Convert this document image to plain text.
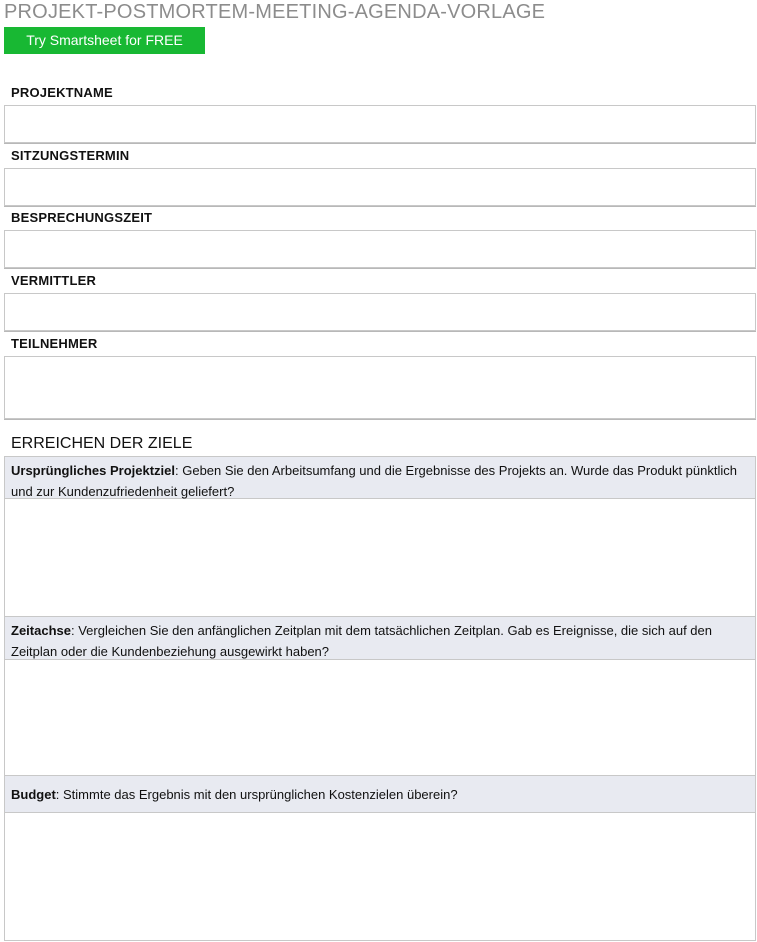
PROJEKT-POSTMORTEM-MEETING-AGENDA-VORLAGE
Try Smartsheet for FREE
PROJEKTNAME
SITZUNGSTERMIN
BESPRECHUNGSZEIT
VERMITTLER
TEILNEHMER
ERREICHEN DER ZIELE
Ursprüngliches Projektziel: Geben Sie den Arbeitsumfang und die Ergebnisse des Projekts an. Wurde das Produkt pünktlich und zur Kundenzufriedenheit geliefert?
Zeitachse: Vergleichen Sie den anfänglichen Zeitplan mit dem tatsächlichen Zeitplan. Gab es Ereignisse, die sich auf den Zeitplan oder die Kundenbeziehung ausgewirkt haben?
Budget: Stimmte das Ergebnis mit den ursprünglichen Kostenzielen überein?
